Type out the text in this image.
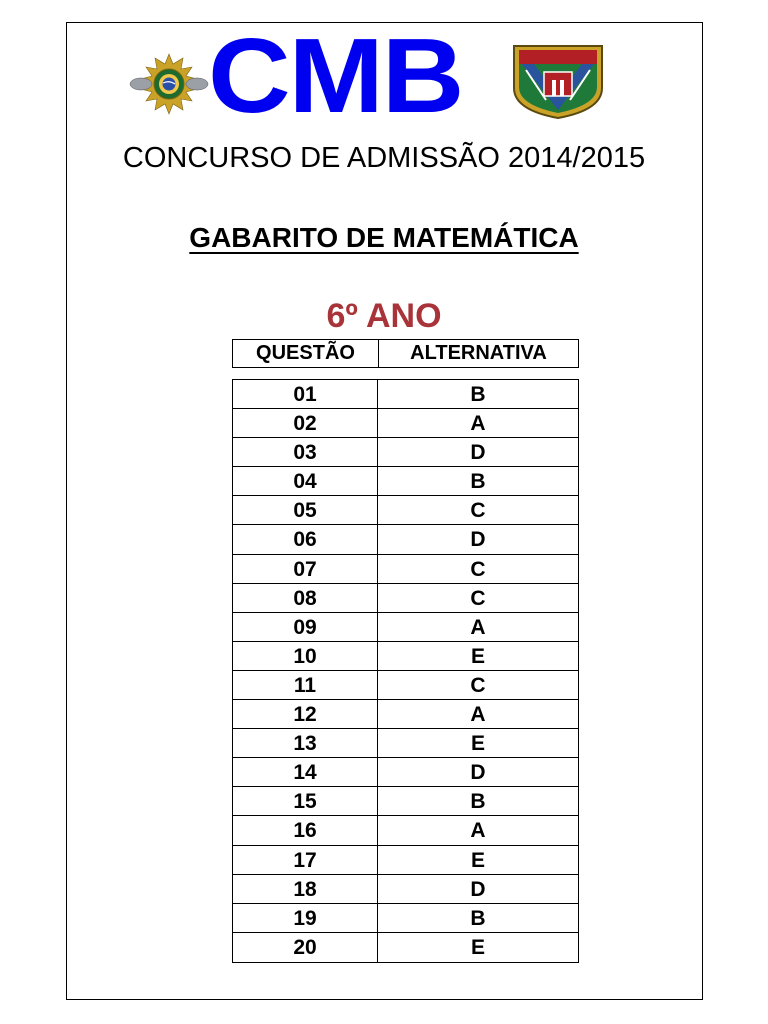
CMB
CONCURSO DE ADMISSÃO 2014/2015
GABARITO DE MATEMÁTICA
6º ANO
QUESTÃO	ALTERNATIVA
01	B
02	A
03	D
04	B
05	C
06	D
07	C
08	C
09	A
10	E
11	C
12	A
13	E
14	D
15	B
16	A
17	E
18	D
19	B
20	E
